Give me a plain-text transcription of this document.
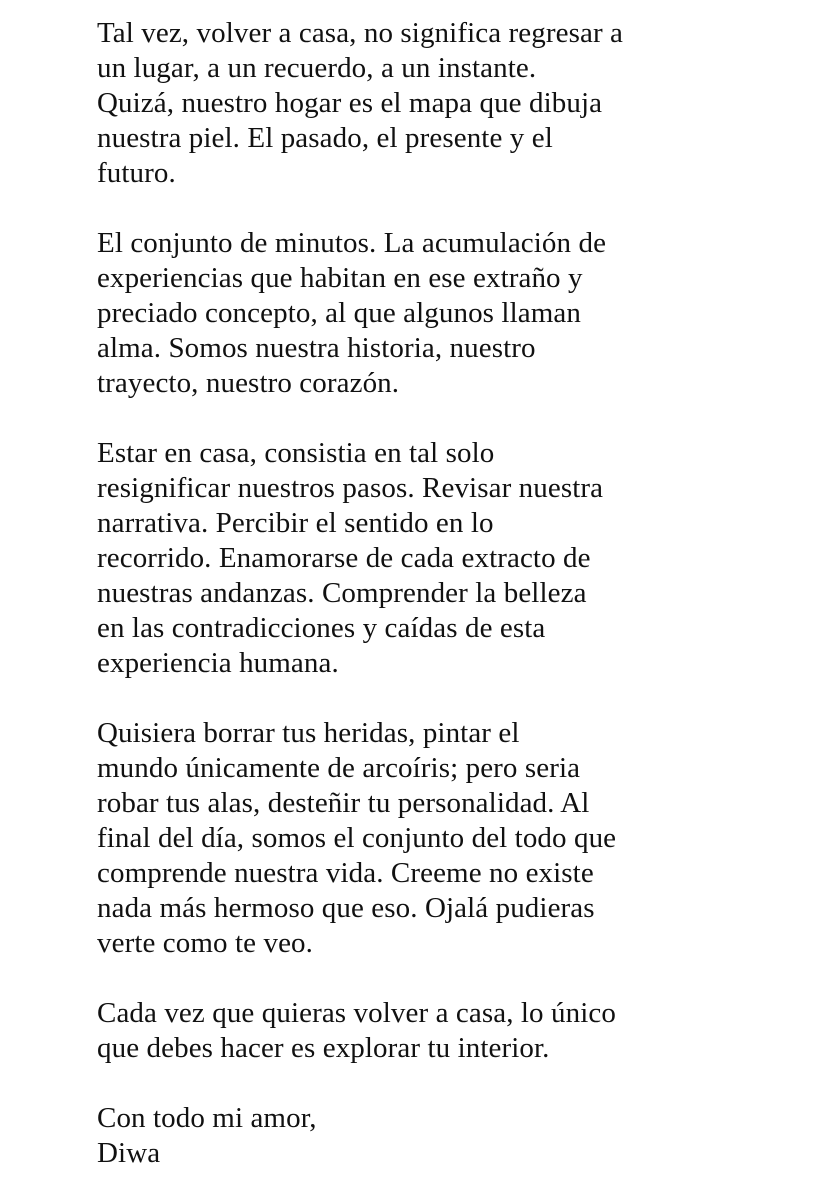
Tal vez, volver a casa, no significa regresar a
un lugar, a un recuerdo, a un instante.
Quizá, nuestro hogar es el mapa que dibuja
nuestra piel. El pasado, el presente y el
futuro.
El conjunto de minutos. La acumulación de
experiencias que habitan en ese extraño y
preciado concepto, al que algunos llaman
alma. Somos nuestra historia, nuestro
trayecto, nuestro corazón.
Estar en casa, consistia en tal solo
resignificar nuestros pasos. Revisar nuestra
narrativa. Percibir el sentido en lo
recorrido. Enamorarse de cada extracto de
nuestras andanzas. Comprender la belleza
en las contradicciones y caídas de esta
experiencia humana.
Quisiera borrar tus heridas, pintar el
mundo únicamente de arcoíris; pero seria
robar tus alas, desteñir tu personalidad. Al
final del día, somos el conjunto del todo que
comprende nuestra vida. Creeme no existe
nada más hermoso que eso. Ojalá pudieras
verte como te veo.
Cada vez que quieras volver a casa, lo único
que debes hacer es explorar tu interior.
Con todo mi amor,
Diwa
